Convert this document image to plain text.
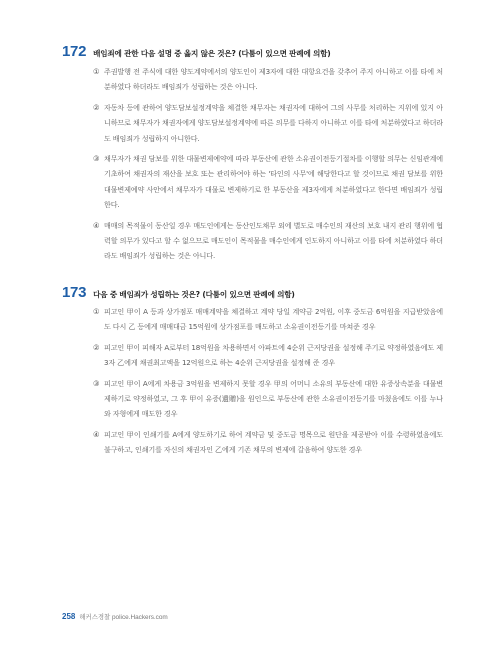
172 배임죄에 관한 다음 설명 중 옳지 않은 것은? (다툼이 있으면 판례에 의함)
① 주권발행 전 주식에 대한 양도계약에서의 양도인이 제3자에 대한 대항요건을 갖추어 주지 아니하고 이를 타에 처분하였다 하더라도 배임죄가 성립하는 것은 아니다.
② 자동차 등에 관하여 양도담보설정계약을 체결한 채무자는 채권자에 대하여 그의 사무를 처리하는 지위에 있지 아니하므로 채무자가 채권자에게 양도담보설정계약에 따른 의무를 다하지 아니하고 이를 타에 처분하였다고 하더라도 배임죄가 성립하지 아니한다.
③ 채무자가 채권 담보를 위한 대물변제예약에 따라 부동산에 관한 소유권이전등기절차를 이행할 의무는 신임관계에 기초하여 채권자의 재산을 보호 또는 관리하여야 하는 '타인의 사무'에 해당한다고 할 것이므로 채권 담보를 위한 대물변제예약 사안에서 채무자가 대물로 변제하기로 한 부동산을 제3자에게 처분하였다고 한다면 배임죄가 성립한다.
④ 매매의 목적물이 동산일 경우 매도인에게는 동산인도채무 외에 별도로 매수인의 재산의 보호 내지 관리 행위에 협력할 의무가 있다고 할 수 없으므로 매도인이 목적물을 매수인에게 인도하지 아니하고 이를 타에 처분하였다 하더라도 배임죄가 성립하는 것은 아니다.
173 다음 중 배임죄가 성립하는 것은? (다툼이 있으면 판례에 의함)
① 피고인 甲이 A 등과 상가점포 매매계약을 체결하고 계약 당일 계약금 2억원, 이후 중도금 6억원을 지급받았음에도 다시 乙 등에게 매매대금 15억원에 상가점포를 매도하고 소유권이전등기를 마쳐준 경우
② 피고인 甲이 피해자 A로부터 18억원을 차용하면서 아파트에 4순위 근저당권을 설정해 주기로 약정하였음에도 제3자 乙에게 채권최고액을 12억원으로 하는 4순위 근저당권을 설정해 준 경우
③ 피고인 甲이 A에게 차용금 3억원을 변제하지 못할 경우 甲의 어머니 소유의 부동산에 대한 유증상속분을 대물변제하기로 약정하였고, 그 후 甲이 유증(遺贈)을 원인으로 부동산에 관한 소유권이전등기를 마쳤음에도 이를 누나와 자형에게 매도한 경우
④ 피고인 甲이 인쇄기를 A에게 양도하기로 하여 계약금 및 중도금 명목으로 원단을 제공받아 이를 수령하였음에도 불구하고, 인쇄기를 자신의 채권자인 乙에게 기존 채무의 변제에 갈음하여 양도한 경우
258 해커스경찰 police.Hackers.com
